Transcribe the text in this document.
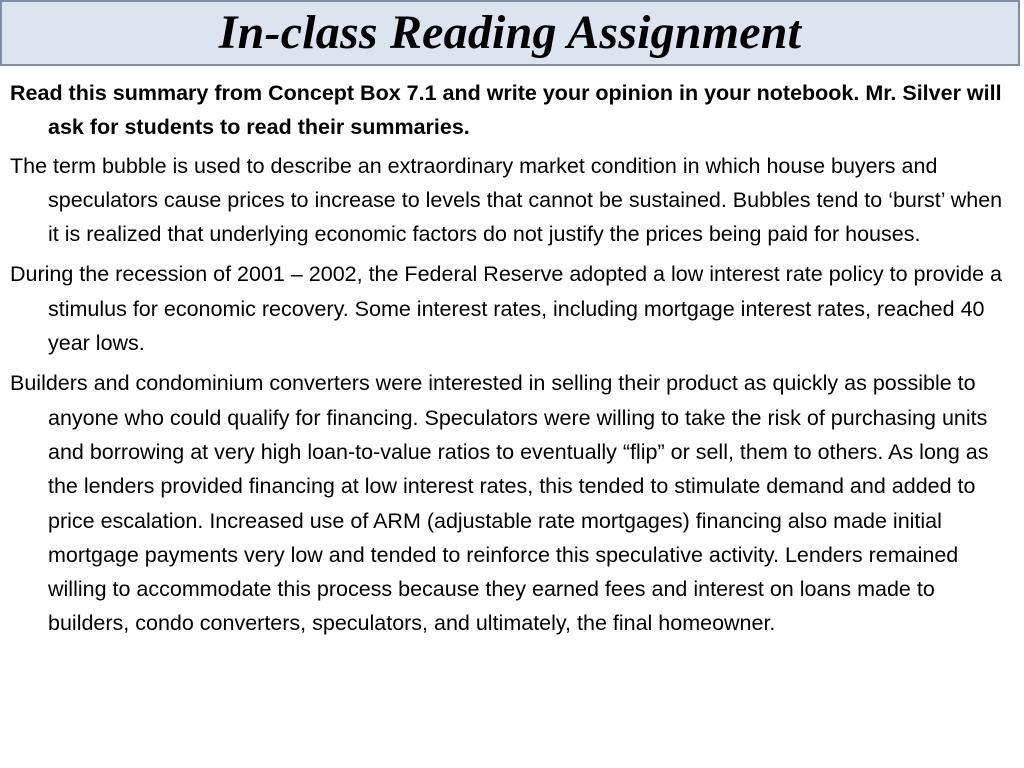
In-class Reading Assignment

Read this summary from Concept Box 7.1 and write your opinion in your notebook. Mr. Silver will ask for students to read their summaries.

The term bubble is used to describe an extraordinary market condition in which house buyers and speculators cause prices to increase to levels that cannot be sustained. Bubbles tend to ‘burst’ when it is realized that underlying economic factors do not justify the prices being paid for houses.

During the recession of 2001 – 2002, the Federal Reserve adopted a low interest rate policy to provide a stimulus for economic recovery. Some interest rates, including mortgage interest rates, reached 40 year lows.

Builders and condominium converters were interested in selling their product as quickly as possible to anyone who could qualify for financing. Speculators were willing to take the risk of purchasing units and borrowing at very high loan-to-value ratios to eventually “flip” or sell, them to others. As long as the lenders provided financing at low interest rates, this tended to stimulate demand and added to price escalation. Increased use of ARM (adjustable rate mortgages) financing also made initial mortgage payments very low and tended to reinforce this speculative activity. Lenders remained willing to accommodate this process because they earned fees and interest on loans made to builders, condo converters, speculators, and ultimately, the final homeowner.
